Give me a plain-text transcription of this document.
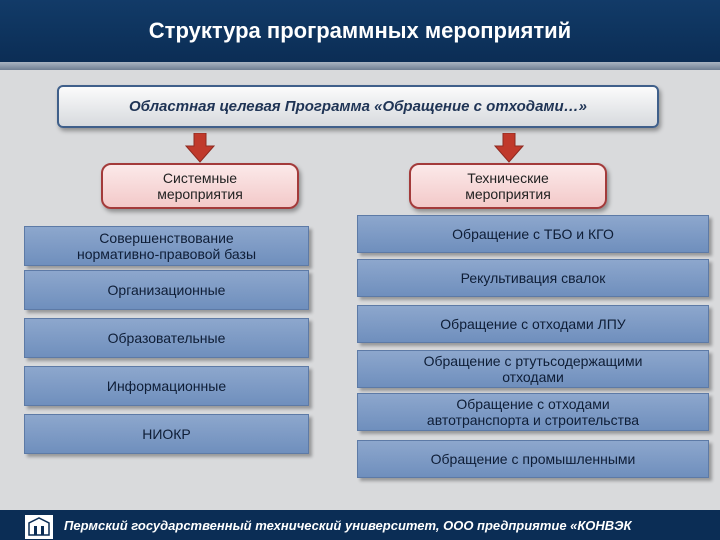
Структура программных мероприятий
Областная целевая Программа «Обращение с отходами…»
Системные
мероприятия
Технические
мероприятия
Совершенствование
нормативно-правовой базы
Организационные
Образовательные
Информационные
НИОКР
Обращение с ТБО и КГО
Рекультивация свалок
Обращение с отходами ЛПУ
Обращение с ртутьсодержащими
отходами
Обращение с отходами
автотранспорта и строительства
Обращение с промышленными
Пермский государственный технический университет, ООО предприятие «КОНВЭК
